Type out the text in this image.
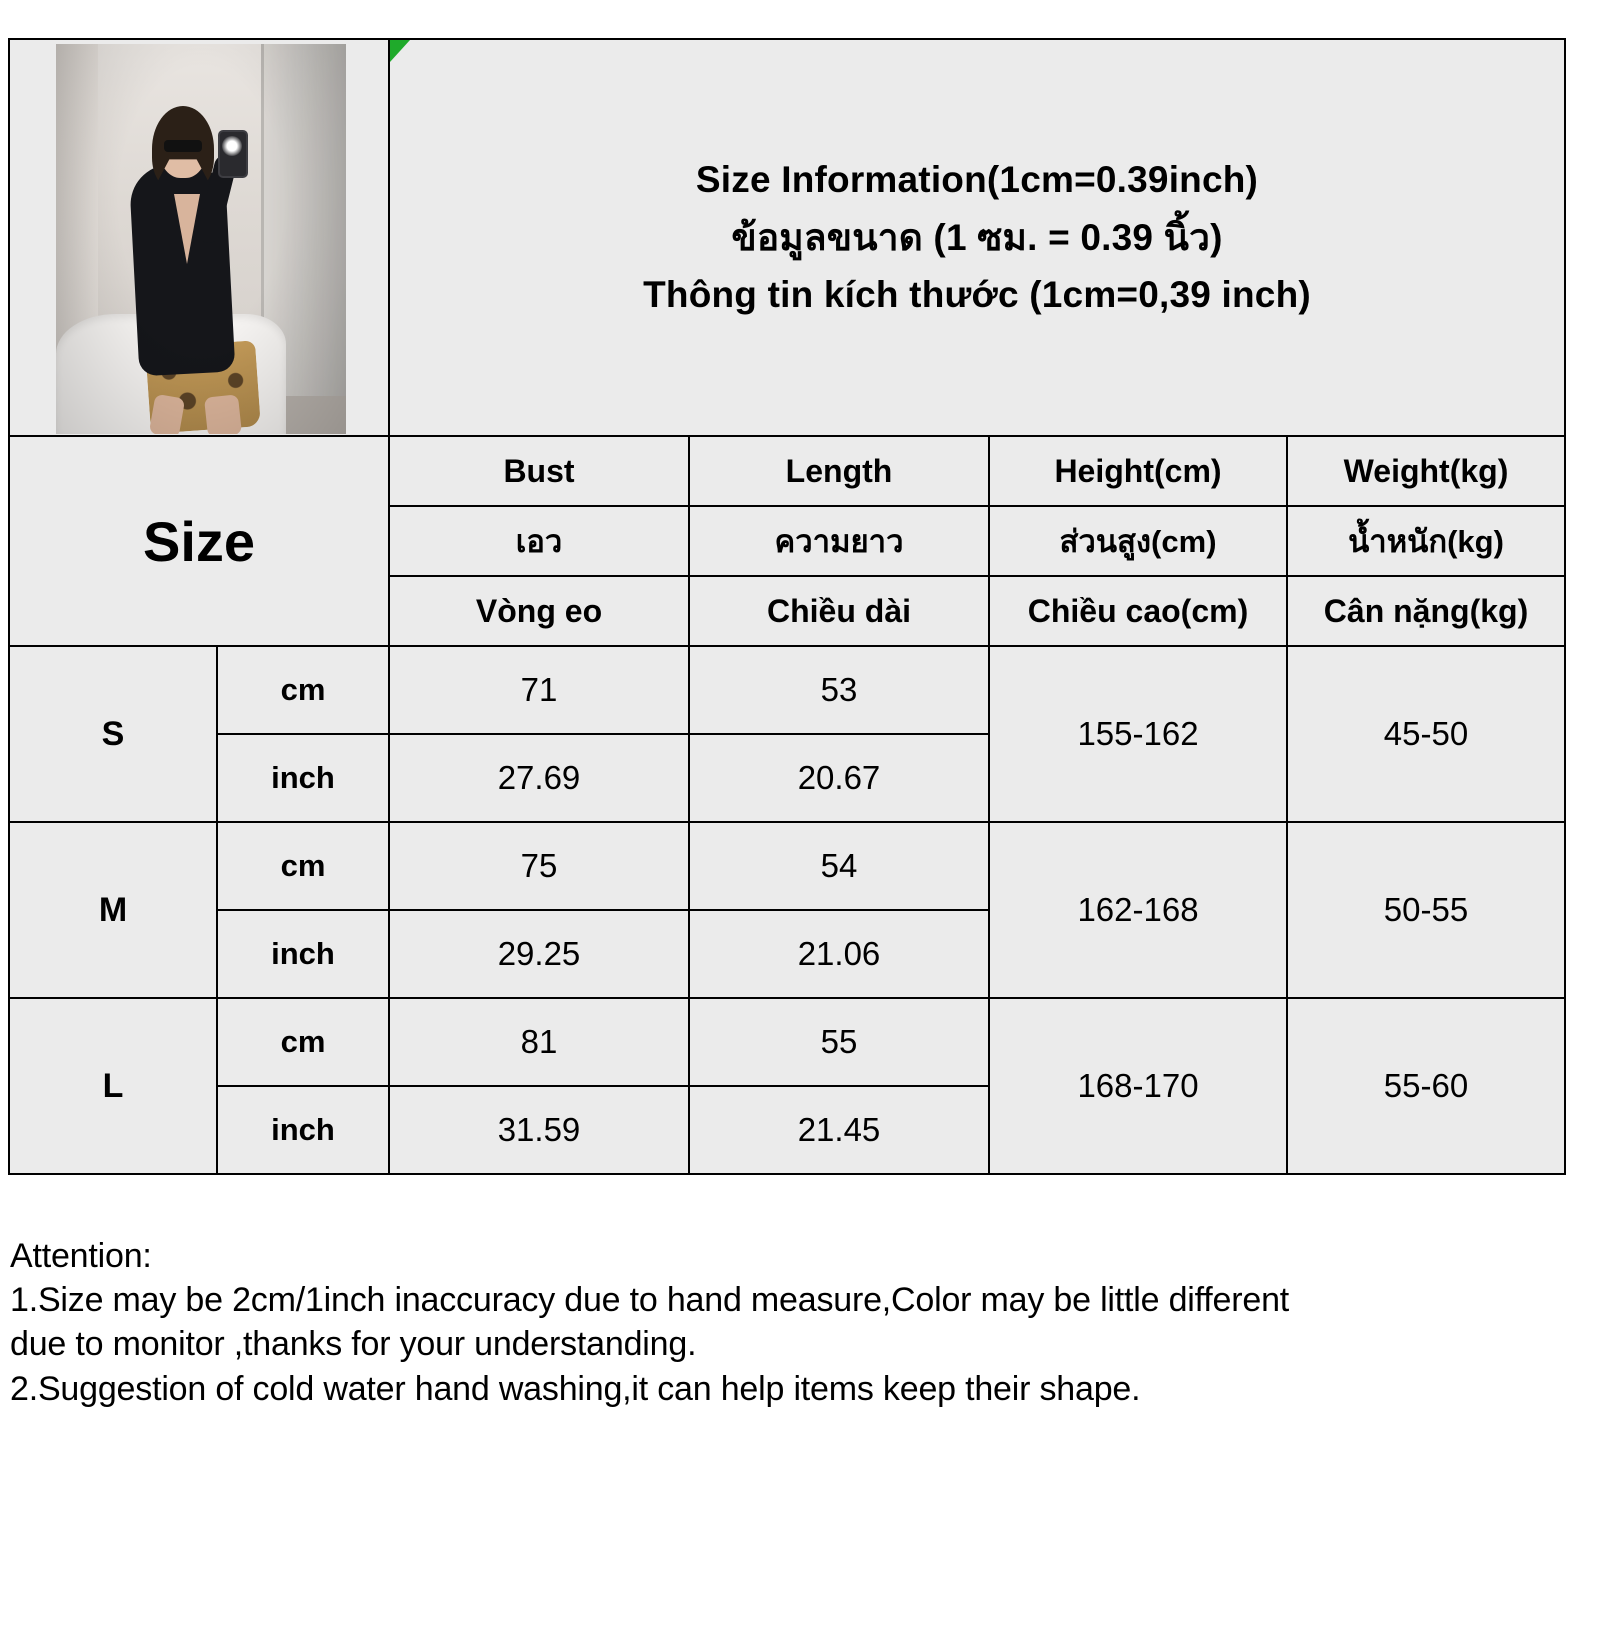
		Size Information(1cm=0.39inch)
ข้อมูลขนาด (1 ซม. = 0.39 นิ้ว)
Thông tin kích thước (1cm=0,39 inch)			

Size		Bust	Length	Height(cm)	Weight(kg)
		เอว	ความยาว	ส่วนสูง(cm)	น้ำหนัก(kg)
		Vòng eo	Chiều dài	Chiều cao(cm)	Cân nặng(kg)
S	cm	71	53	155-162	45-50
	inch	27.69	20.67		
M	cm	75	54	162-168	50-55
	inch	29.25	21.06		
L	cm	81	55	168-170	55-60
	inch	31.59	21.45		
Attention:
1.Size may be 2cm/1inch inaccuracy due to hand measure,Color may be little different
due to monitor ,thanks for your understanding.
2.Suggestion of cold water hand washing,it can help items keep their shape.
